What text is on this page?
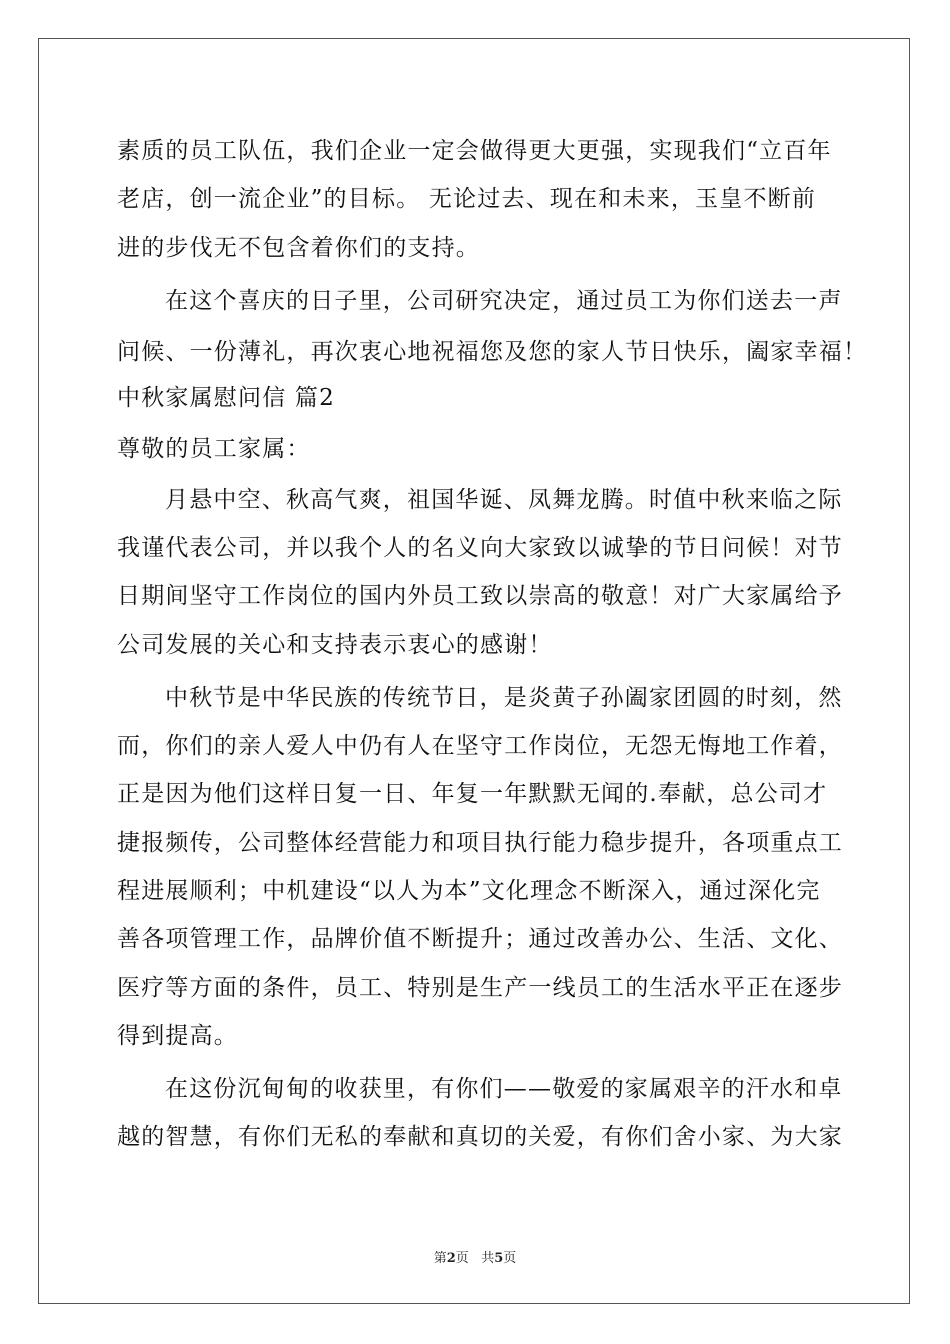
素质的员工队伍，我们企业一定会做得更大更强，实现我们“立百年
老店，创一流企业”的目标。 无论过去、现在和未来，玉皇不断前
进的步伐无不包含着你们的支持。
在这个喜庆的日子里，公司研究决定，通过员工为你们送去一声
问候、一份薄礼，再次衷心地祝福您及您的家人节日快乐，阖家幸福！
中秋家属慰问信 篇2
尊敬的员工家属：
月悬中空、秋高气爽，祖国华诞、凤舞龙腾。时值中秋来临之际
我谨代表公司，并以我个人的名义向大家致以诚挚的节日问候！对节
日期间坚守工作岗位的国内外员工致以崇高的敬意！对广大家属给予
公司发展的关心和支持表示衷心的感谢！
中秋节是中华民族的传统节日，是炎黄子孙阖家团圆的时刻，然
而，你们的亲人爱人中仍有人在坚守工作岗位，无怨无悔地工作着，
正是因为他们这样日复一日、年复一年默默无闻的.奉献，总公司才
捷报频传，公司整体经营能力和项目执行能力稳步提升，各项重点工
程进展顺利；中机建设“以人为本”文化理念不断深入，通过深化完
善各项管理工作，品牌价值不断提升；通过改善办公、生活、文化、
医疗等方面的条件，员工、特别是生产一线员工的生活水平正在逐步
得到提高。
在这份沉甸甸的收获里，有你们——敬爱的家属艰辛的汗水和卓
越的智慧，有你们无私的奉献和真切的关爱，有你们舍小家、为大家
第2页 共5页
